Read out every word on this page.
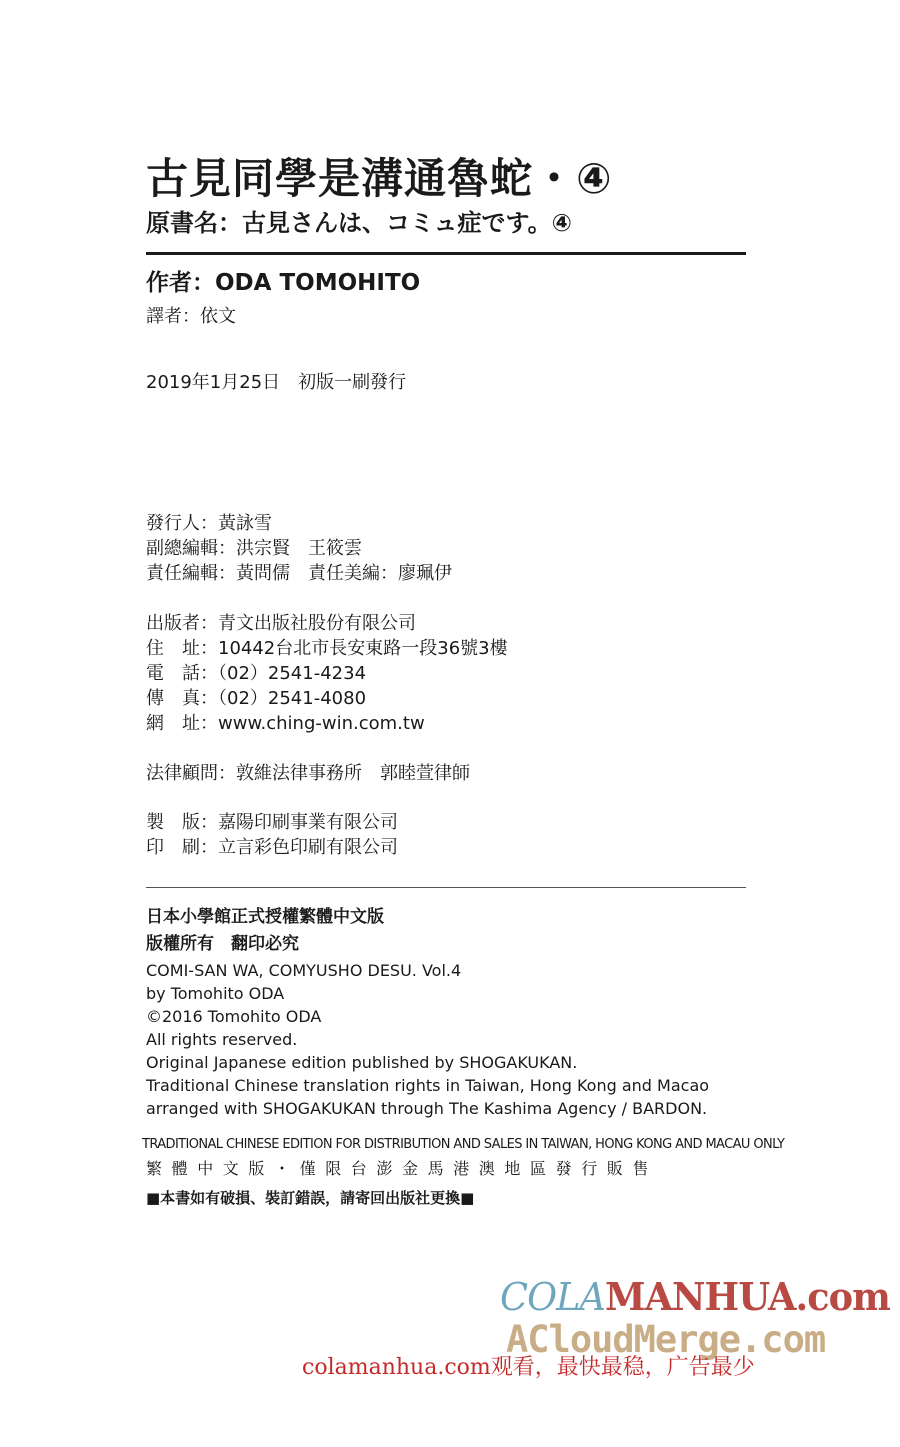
古見同學是溝通魯蛇・④
原書名：古見さんは、コミュ症です。④
作者：ODA TOMOHITO
譯者：依文
2019年1月25日　初版一刷發行
發行人：黃詠雪
副總編輯：洪宗賢　王筱雲
責任編輯：黃問儒　責任美編：廖珮伊
出版者：青文出版社股份有限公司
住　址：10442台北市長安東路一段36號3樓
電　話：（02）2541-4234
傳　真：（02）2541-4080
網　址：www.ching-win.com.tw
法律顧問：敦維法律事務所　郭睦萱律師
製　版：嘉陽印刷事業有限公司
印　刷：立言彩色印刷有限公司
日本小學館正式授權繁體中文版
版權所有　翻印必究
COMI-SAN WA, COMYUSHO DESU. Vol.4
by Tomohito ODA
©2016 Tomohito ODA
All rights reserved.
Original Japanese edition published by SHOGAKUKAN.
Traditional Chinese translation rights in Taiwan, Hong Kong and Macao
arranged with SHOGAKUKAN through The Kashima Agency / BARDON.
TRADITIONAL CHINESE EDITION FOR DISTRIBUTION AND SALES IN TAIWAN, HONG KONG AND MACAU ONLY
繁體中文版・僅限台澎金馬港澳地區發行販售
■本書如有破損、裝訂錯誤，請寄回出版社更換■
COLAMANHUA.com
ACloudMerge.com
colamanhua.com观看，最快最稳，广告最少
